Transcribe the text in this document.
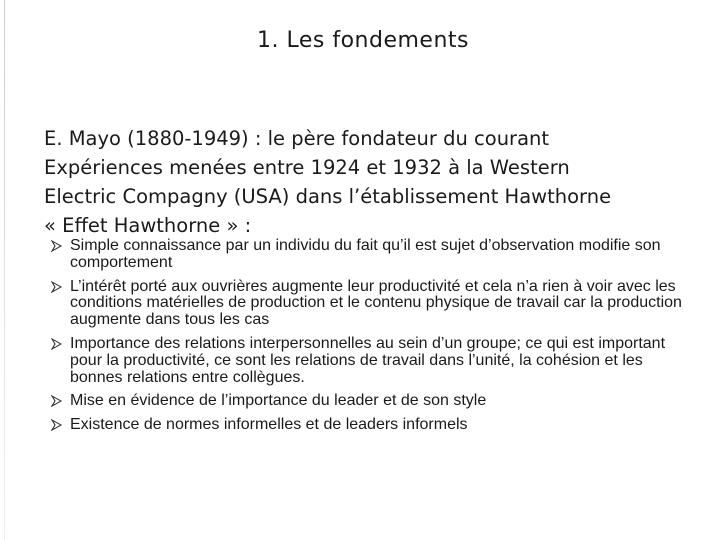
1. Les fondements
E. Mayo (1880-1949) : le père fondateur du courant
Expériences menées entre 1924 et 1932 à la Western
Electric Compagny (USA) dans l’établissement Hawthorne
« Effet Hawthorne » :
Simple connaissance par un individu du fait qu’il est sujet d’observation modifie son comportement
L’intérêt porté aux ouvrières augmente leur productivité et cela n’a rien à voir avec les conditions matérielles de production et le contenu physique de travail car la production augmente dans tous les cas
Importance des relations interpersonnelles au sein d’un groupe; ce qui est important pour la productivité, ce sont les relations de travail dans l’unité, la cohésion et les bonnes relations entre collègues.
Mise en évidence de l’importance du leader et de son style
Existence de normes informelles et de leaders informels
